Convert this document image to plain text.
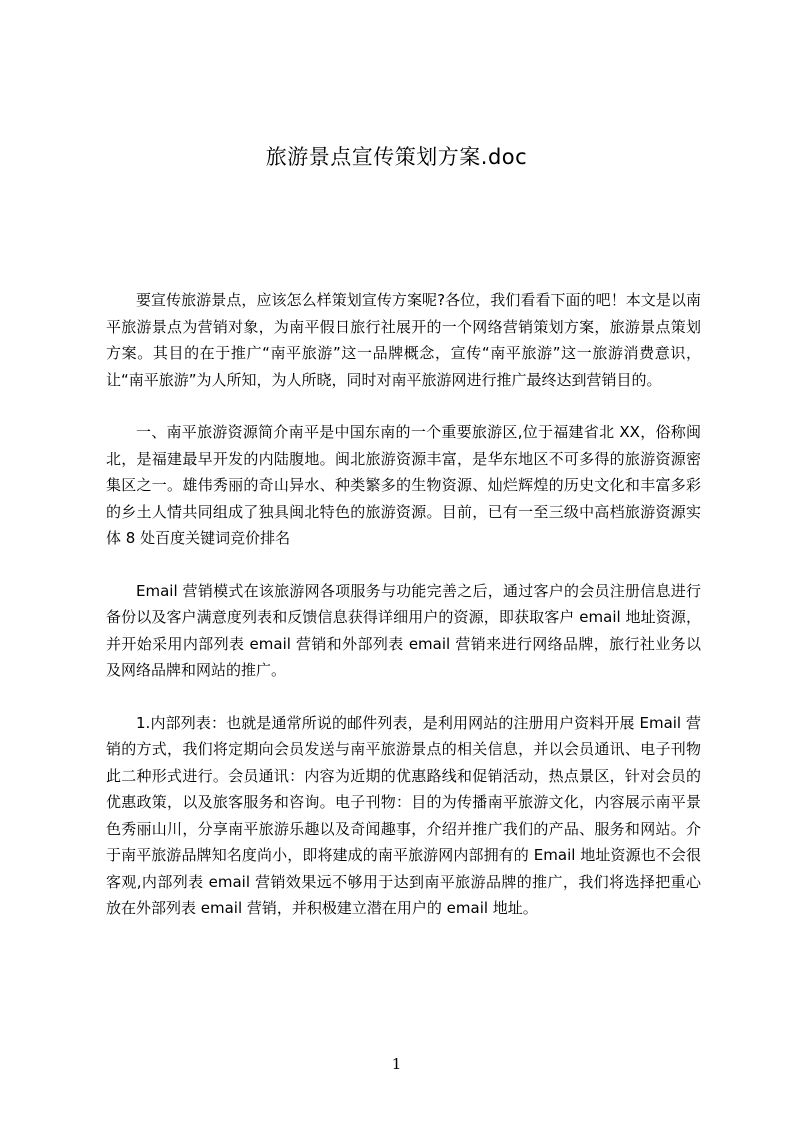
旅游景点宣传策划方案.doc

要宣传旅游景点，应该怎么样策划宣传方案呢?各位，我们看看下面的吧！本文是以南平旅游景点为营销对象，为南平假日旅行社展开的一个网络营销策划方案，旅游景点策划方案。其目的在于推广“南平旅游”这一品牌概念，宣传“南平旅游”这一旅游消费意识，让“南平旅游”为人所知，为人所晓，同时对南平旅游网进行推广最终达到营销目的。

一、南平旅游资源简介南平是中国东南的一个重要旅游区,位于福建省北 XX，俗称闽北，是福建最早开发的内陆腹地。闽北旅游资源丰富，是华东地区不可多得的旅游资源密集区之一。雄伟秀丽的奇山异水、种类繁多的生物资源、灿烂辉煌的历史文化和丰富多彩的乡土人情共同组成了独具闽北特色的旅游资源。目前，已有一至三级中高档旅游资源实体 8 处百度关键词竞价排名

Email 营销模式在该旅游网各项服务与功能完善之后，通过客户的会员注册信息进行备份以及客户满意度列表和反馈信息获得详细用户的资源，即获取客户 email 地址资源，并开始采用内部列表 email 营销和外部列表 email 营销来进行网络品牌，旅行社业务以及网络品牌和网站的推广。

1.内部列表：也就是通常所说的邮件列表，是利用网站的注册用户资料开展 Email 营销的方式，我们将定期向会员发送与南平旅游景点的相关信息，并以会员通讯、电子刊物此二种形式进行。会员通讯：内容为近期的优惠路线和促销活动，热点景区，针对会员的优惠政策，以及旅客服务和咨询。电子刊物：目的为传播南平旅游文化，内容展示南平景色秀丽山川，分享南平旅游乐趣以及奇闻趣事，介绍并推广我们的产品、服务和网站。介于南平旅游品牌知名度尚小，即将建成的南平旅游网内部拥有的 Email 地址资源也不会很客观,内部列表 email 营销效果远不够用于达到南平旅游品牌的推广，我们将选择把重心放在外部列表 email 营销，并积极建立潜在用户的 email 地址。

1
